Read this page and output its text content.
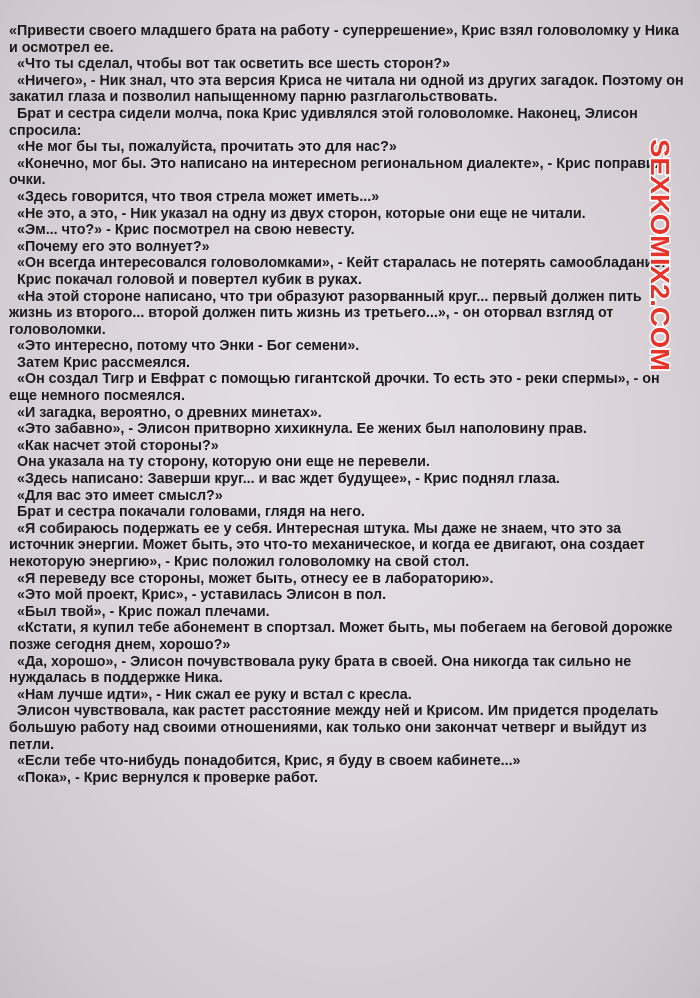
«Привести своего младшего брата на работу - суперрешение», Крис взял головоломку у Ника и осмотрел ее.

«Что ты сделал, чтобы вот так осветить все шесть сторон?»

«Ничего», - Ник знал, что эта версия Криса не читала ни одной из других загадок. Поэтому он закатил глаза и позволил напыщенному парню разглагольствовать.

Брат и сестра сидели молча, пока Крис удивлялся этой головоломке. Наконец, Элисон спросила:

«Не мог бы ты, пожалуйста, прочитать это для нас?»

«Конечно, мог бы. Это написано на интересном региональном диалекте», - Крис поправил очки.

«Здесь говорится, что твоя стрела может иметь...»

«Не это, а это, - Ник указал на одну из двух сторон, которые они еще не читали.

«Эм... что?» - Крис посмотрел на свою невесту.

«Почему его это волнует?»

«Он всегда интересовался головоломками», - Кейт старалась не потерять самообладание.

Крис покачал головой и повертел кубик в руках.

«На этой стороне написано, что три образуют разорванный круг... первый должен пить жизнь из второго... второй должен пить жизнь из третьего...», - он оторвал взгляд от головоломки.

«Это интересно, потому что Энки - Бог семени».

Затем Крис рассмеялся.

«Он создал Тигр и Евфрат с помощью гигантской дрочки. То есть это - реки спермы», - он еще немного посмеялся.

«И загадка, вероятно, о древних минетах».

«Это забавно», - Элисон притворно хихикнула. Ее жених был наполовину прав.

«Как насчет этой стороны?»

Она указала на ту сторону, которую они еще не перевели.

«Здесь написано: Заверши круг... и вас ждет будущее», - Крис поднял глаза.

«Для вас это имеет смысл?»

Брат и сестра покачали головами, глядя на него.

«Я собираюсь подержать ее у себя. Интересная штука. Мы даже не знаем, что это за источник энергии. Может быть, это что-то механическое, и когда ее двигают, она создает некоторую энергию», - Крис положил головоломку на свой стол.

«Я переведу все стороны, может быть, отнесу ее в лабораторию».

«Это мой проект, Крис», - уставилась Элисон в пол.

«Был твой», - Крис пожал плечами.

«Кстати, я купил тебе абонемент в спортзал. Может быть, мы побегаем на беговой дорожке позже сегодня днем, хорошо?»

«Да, хорошо», - Элисон почувствовала руку брата в своей. Она никогда так сильно не нуждалась в поддержке Ника.

«Нам лучше идти», - Ник сжал ее руку и встал с кресла.

Элисон чувствовала, как растет расстояние между ней и Крисом. Им придется проделать большую работу над своими отношениями, как только они закончат четверг и выйдут из петли.

«Если тебе что-нибудь понадобится, Крис, я буду в своем кабинете...»

«Пока», - Крис вернулся к проверке работ.

SEXKOMIX2.COM
